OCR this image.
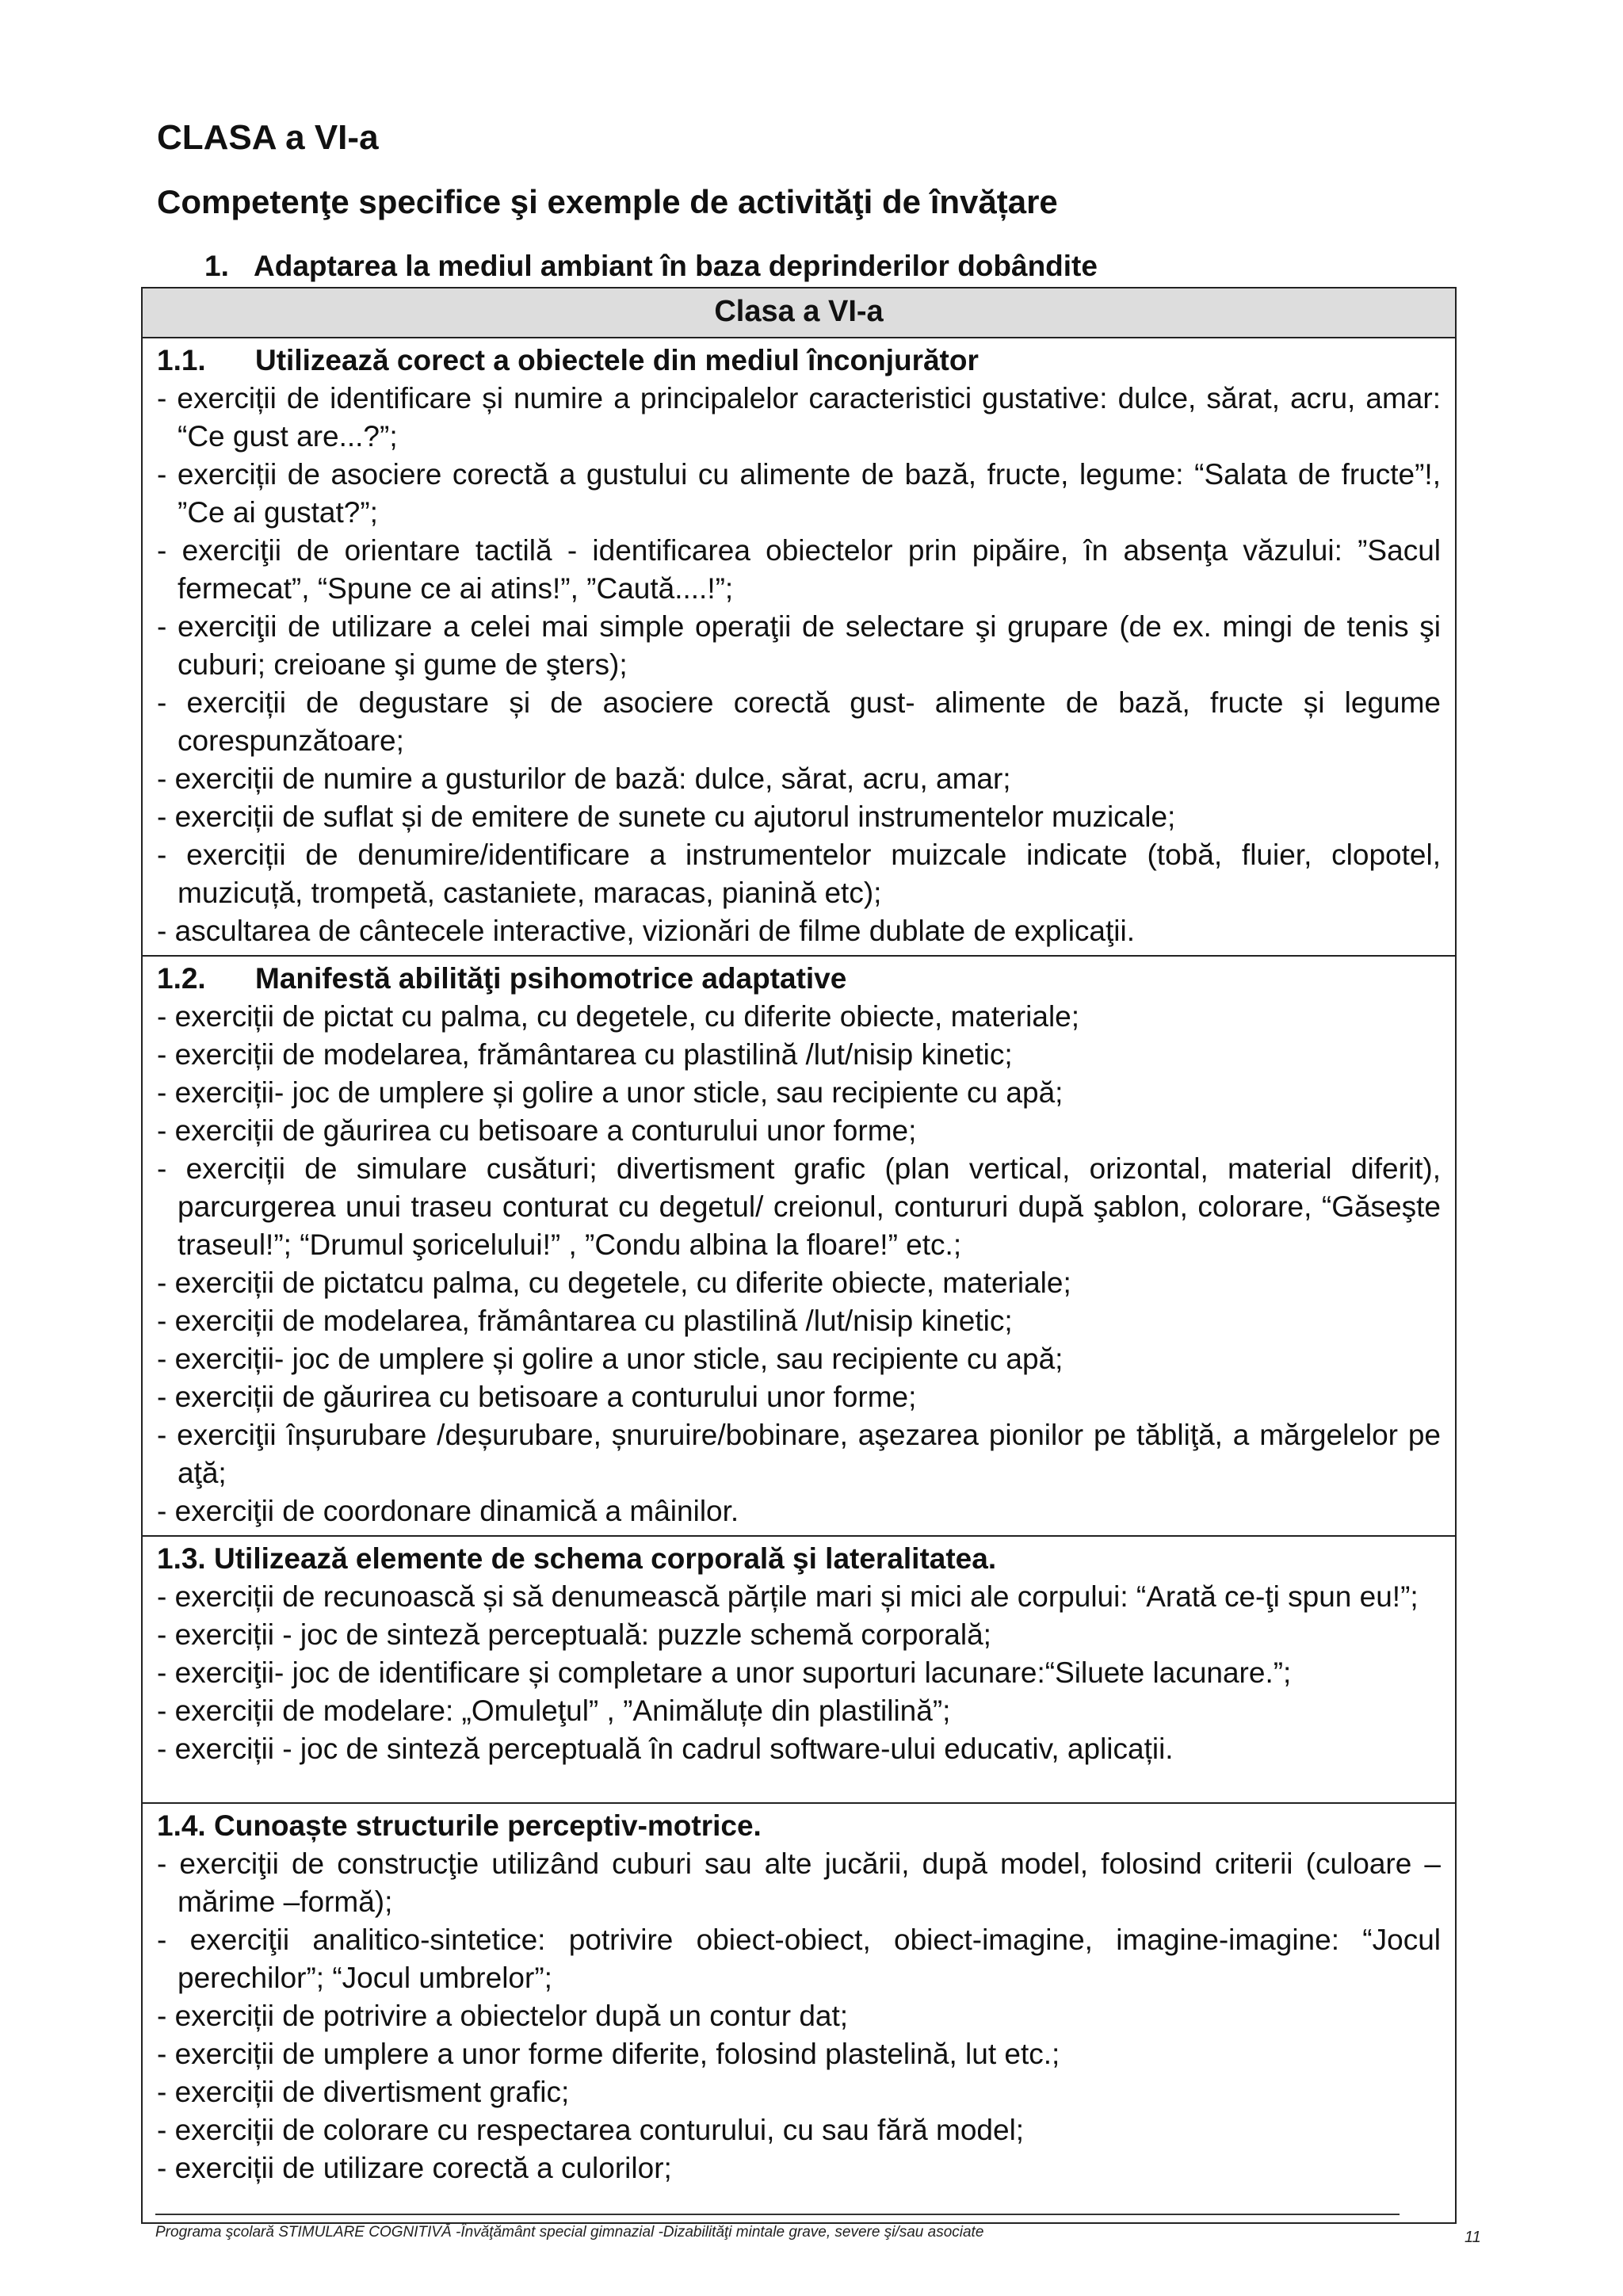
CLASA a VI-a
Competenţe specifice şi exemple de activităţi de învățare
1. Adaptarea la mediul ambiant în baza deprinderilor dobândite
Clasa a VI-a

1.1. Utilizează corect a obiectele din mediul înconjurător

- exerciții de identificare și numire a principalelor caracteristici gustative: dulce, sărat, acru, amar: “Ce gust are...?”;
- exerciții de asociere corectă a gustului cu alimente de bază, fructe, legume: “Salata de fructe”!, ”Ce ai gustat?”;
- exerciţii de orientare tactilă - identificarea obiectelor prin pipăire, în absenţa văzului: ”Sacul fermecat”, “Spune ce ai atins!”, ”Caută....!”;
- exerciţii de utilizare a celei mai simple operaţii de selectare şi grupare (de ex. mingi de tenis şi cuburi; creioane şi gume de şters);
- exerciții de degustare și de asociere corectă gust- alimente de bază, fructe și legume corespunzătoare;
- exerciții de numire a gusturilor de bază: dulce, sărat, acru, amar;
- exerciții de suflat și de emitere de sunete cu ajutorul instrumentelor muzicale;
- exerciții de denumire/identificare a instrumentelor muizcale indicate (tobă, fluier, clopotel, muzicuță, trompetă, castaniete, maracas, pianină etc);
- ascultarea de cântecele interactive, vizionări de filme dublate de explicaţii.

1.2. Manifestă abilităţi psihomotrice adaptative

- exerciții de pictat cu palma, cu degetele, cu diferite obiecte, materiale;
- exerciții de modelarea, frământarea cu plastilină /lut/nisip kinetic;
- exerciții- joc de umplere și golire a unor sticle, sau recipiente cu apă;
- exerciții de găurirea cu betisoare a conturului unor forme;
- exerciții de simulare cusături; divertisment grafic (plan vertical, orizontal, material diferit), parcurgerea unui traseu conturat cu degetul/ creionul, contururi după şablon, colorare, “Găseşte traseul!”; “Drumul şoricelului!” , ”Condu albina la floare!” etc.;
- exerciții de pictatcu palma, cu degetele, cu diferite obiecte, materiale;
- exerciții de modelarea, frământarea cu plastilină /lut/nisip kinetic;
- exerciții- joc de umplere și golire a unor sticle, sau recipiente cu apă;
- exerciții de găurirea cu betisoare a conturului unor forme;
- exerciţii înșurubare /deșurubare, șnuruire/bobinare, aşezarea pionilor pe tăbliţă, a mărgelelor pe aţă;
- exerciţii de coordonare dinamică a mâinilor.

1.3. Utilizează elemente de schema corporală şi lateralitatea.

- exerciții de recunoască și să denumească părțile mari și mici ale corpului: “Arată ce-ţi spun eu!”;
- exerciții - joc de sinteză perceptuală: puzzle schemă corporală;
- exerciţii- joc de identificare și completare a unor suporturi lacunare:“Siluete lacunare.”;
- exerciții de modelare: „Omuleţul” , ”Animăluțe din plastilină”;
- exerciții - joc de sinteză perceptuală în cadrul software-ului educativ, aplicații.

1.4. Cunoaște structurile perceptiv-motrice.

- exerciţii de construcţie utilizând cuburi sau alte jucării, după model, folosind criterii (culoare – mărime –formă);
- exerciţii analitico-sintetice: potrivire obiect-obiect, obiect-imagine, imagine-imagine: “Jocul perechilor”; “Jocul umbrelor”;
- exerciții de potrivire a obiectelor după un contur dat;
- exerciții de umplere a unor forme diferite, folosind plastelină, lut etc.;
- exerciții de divertisment grafic;
- exerciții de colorare cu respectarea conturului, cu sau fără model;
- exerciții de utilizare corectă a culorilor;
Programa şcolară STIMULARE COGNITIVĂ -Învăţământ special gimnazial -Dizabilităţi mintale grave, severe şi/sau asociate	11
